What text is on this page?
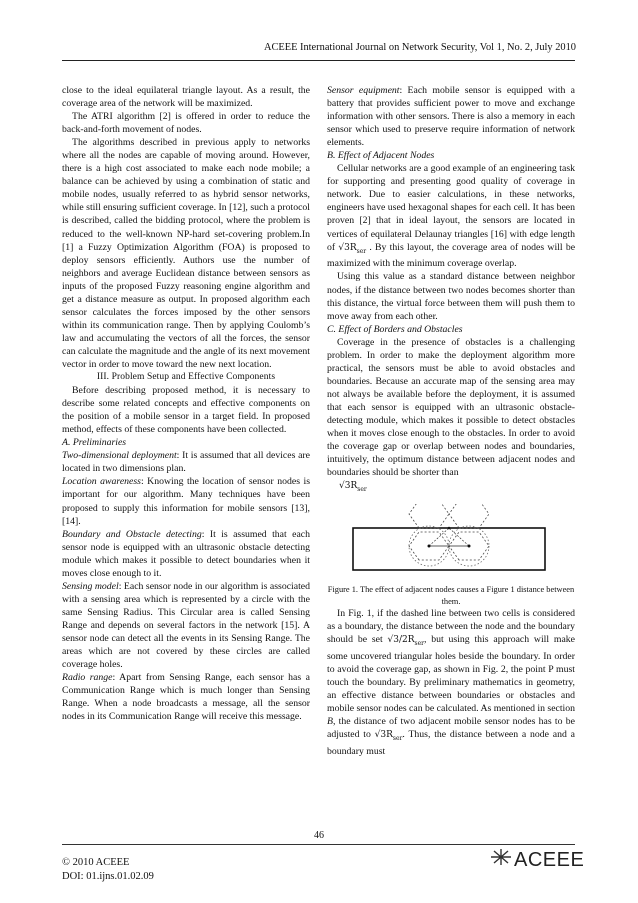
ACEEE International Journal on Network Security, Vol 1, No. 2, July 2010

close to the ideal equilateral triangle layout. As a result, the coverage area of the network will be maximized.

The ATRI algorithm [2] is offered in order to reduce the back-and-forth movement of nodes.

The algorithms described in previous apply to networks where all the nodes are capable of moving around. However, there is a high cost associated to make each node mobile; a balance can be achieved by using a combination of static and mobile nodes, usually referred to as hybrid sensor networks, while still ensuring sufficient coverage. In [12], such a protocol is described, called the bidding protocol, where the problem is reduced to the well-known NP-hard set-covering problem.In [1] a Fuzzy Optimization Algorithm (FOA) is proposed to deploy sensors efficiently. Authors use the number of neighbors and average Euclidean distance between sensors as inputs of the proposed Fuzzy reasoning engine algorithm and get a distance measure as output. In proposed algorithm each sensor calculates the forces imposed by the other sensors within its communication range. Then by applying Coulomb’s law and accumulating the vectors of all the forces, the sensor can calculate the magnitude and the angle of its next movement vector in order to move toward the new next location.

III. Problem Setup and Effective Components

Before describing proposed method, it is necessary to describe some related concepts and effective components on the position of a mobile sensor in a target field. In proposed method, effects of these components have been collected.

A. Preliminaries

Two-dimensional deployment: It is assumed that all devices are located in two dimensions plan.

Location awareness: Knowing the location of sensor nodes is important for our algorithm. Many techniques have been proposed to supply this information for mobile sensors [13],[14].

Boundary and Obstacle detecting: It is assumed that each sensor node is equipped with an ultrasonic obstacle detecting module which makes it possible to detect boundaries when it moves close enough to it.

Sensing model: Each sensor node in our algorithm is associated with a sensing area which is represented by a circle with the same Sensing Radius. This Circular area is called Sensing Range and depends on several factors in the network [15]. A sensor node can detect all the events in its Sensing Range. The areas which are not covered by these circles are called coverage holes.

Radio range: Apart from Sensing Range, each sensor has a Communication Range which is much longer than Sensing Range. When a node broadcasts a message, all the sensor nodes in its Communication Range will receive this message.

Sensor equipment: Each mobile sensor is equipped with a battery that provides sufficient power to move and exchange information with other sensors. There is also a memory in each sensor which used to preserve require information of network elements.

B. Effect of Adjacent Nodes

Cellular networks are a good example of an engineering task for supporting and presenting good quality of coverage in network. Due to easier calculations, in these networks, engineers have used hexagonal shapes for each cell. It has been proven [2] that in ideal layout, the sensors are located in vertices of equilateral Delaunay triangles [16] with edge length of $√3R_{ser}$ . By this layout, the coverage area of nodes will be maximized with the minimum coverage overlap.

Using this value as a standard distance between neighbor nodes, if the distance between two nodes becomes shorter than this distance, the virtual force between them will push them to move away from each other.

C. Effect of Borders and Obstacles

Coverage in the presence of obstacles is a challenging problem. In order to make the deployment algorithm more practical, the sensors must be able to avoid obstacles and boundaries. Because an accurate map of the sensing area may not always be available before the deployment, it is assumed that each sensor is equipped with an ultrasonic obstacle-detecting module, which makes it possible to detect obstacles when it moves close enough to the obstacles. In order to avoid the coverage gap or overlap between nodes and boundaries, intuitively, the optimum distance between adjacent nodes and boundaries should be shorter than

$√3R_{ser}$

Figure 1. The effect of adjacent nodes causes a Figure 1 distance between them.

In Fig. 1, if the dashed line between two cells is considered as a boundary, the distance between the node and the boundary should be set $√3/2R_{ser}$, but using this approach will make some uncovered triangular holes beside the boundary. In order to avoid the coverage gap, as shown in Fig. 2, the point P must touch the boundary. By preliminary mathematics in geometry, an effective distance between boundaries or obstacles and mobile sensor nodes can be calculated. As mentioned in section B, the distance of two adjacent mobile sensor nodes has to be adjusted to $√3R_{ser}$. Thus, the distance between a node and a boundary must

46
© 2010 ACEEE
DOI: 01.ijns.01.02.09
ACEEE
